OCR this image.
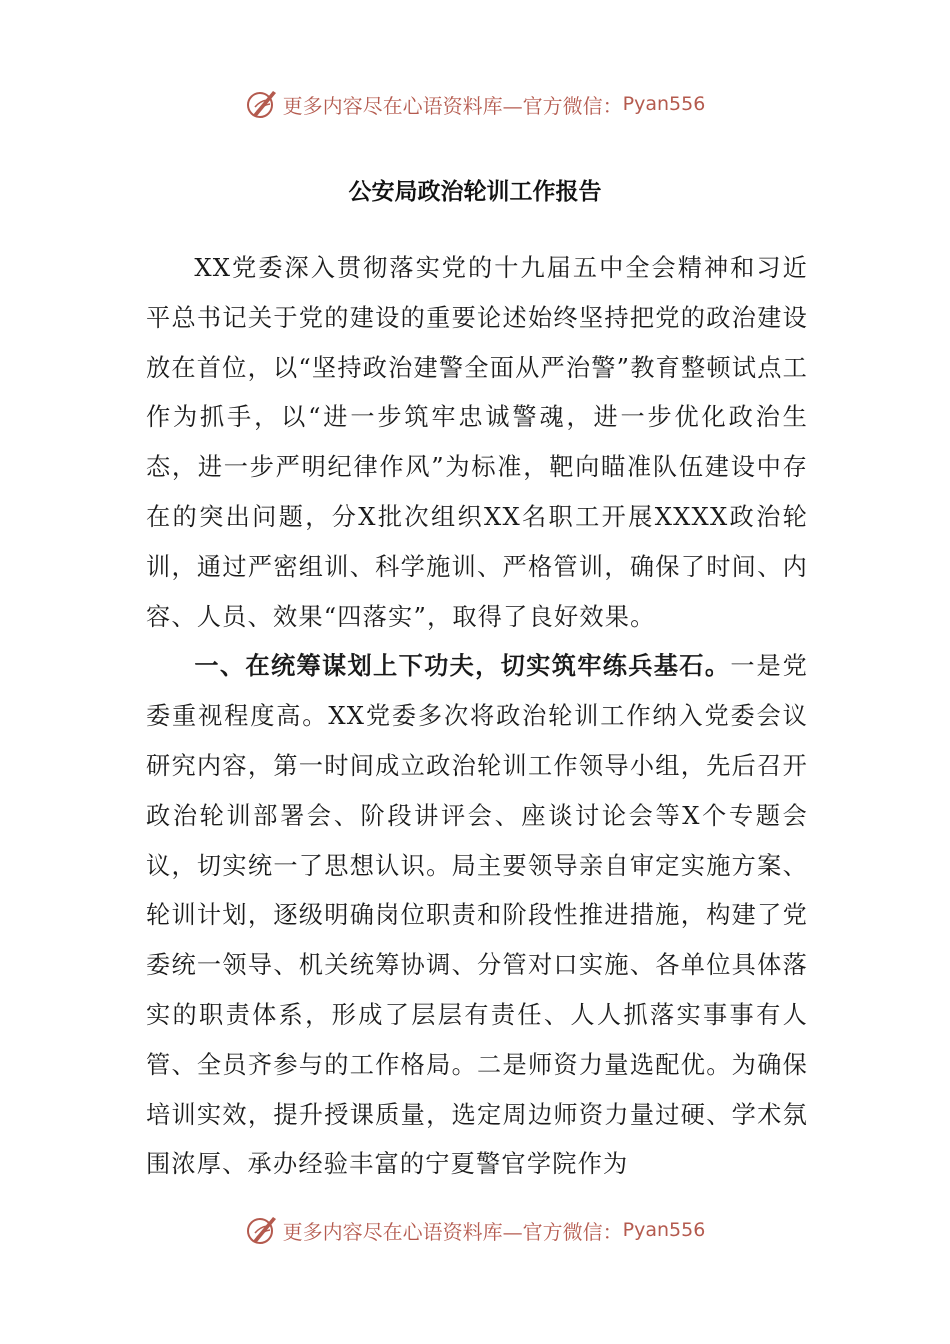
更多内容尽在心语资料库—官方微信： Pyan556
公安局政治轮训工作报告

XX党委深入贯彻落实党的十九届五中全会精神和习近平总书记关于党的建设的重要论述始终坚持把党的政治建设放在首位，以“坚持政治建警全面从严治警”教育整顿试点工作为抓手，以“进一步筑牢忠诚警魂，进一步优化政治生态，进一步严明纪律作风”为标准，靶向瞄准队伍建设中存在的突出问题，分X批次组织XX名职工开展XXXX政治轮训，通过严密组训、科学施训、严格管训，确保了时间、内容、人员、效果“四落实”，取得了良好效果。

一、在统筹谋划上下功夫，切实筑牢练兵基石。一是党委重视程度高。XX党委多次将政治轮训工作纳入党委会议研究内容，第一时间成立政治轮训工作领导小组，先后召开政治轮训部署会、阶段讲评会、座谈讨论会等X个专题会议，切实统一了思想认识。局主要领导亲自审定实施方案、轮训计划，逐级明确岗位职责和阶段性推进措施，构建了党委统一领导、机关统筹协调、分管对口实施、各单位具体落实的职责体系，形成了层层有责任、人人抓落实事事有人管、全员齐参与的工作格局。二是师资力量选配优。为确保培训实效，提升授课质量，选定周边师资力量过硬、学术氛围浓厚、承办经验丰富的宁夏警官学院作为

更多内容尽在心语资料库—官方微信： Pyan556
